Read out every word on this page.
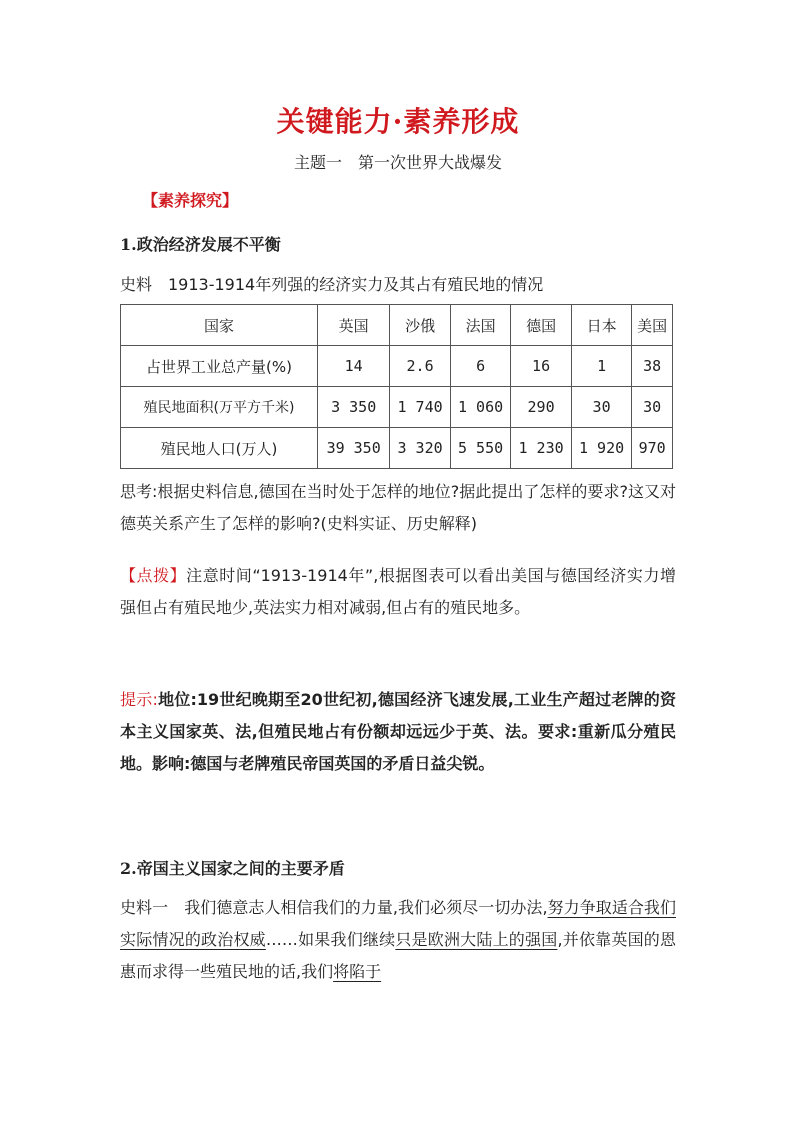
关键能力·素养形成
主题一　第一次世界大战爆发
【素养探究】
1.政治经济发展不平衡
史料　1913-1914年列强的经济实力及其占有殖民地的情况
国家	英国	沙俄	法国	德国	日本	美国
占世界工业总产量(%)	14	2.6	6	16	1	38
殖民地面积(万平方千米)	3 350	1 740	1 060	290	30	30
殖民地人口(万人)	39 350	3 320	5 550	1 230	1 920	970
思考:根据史料信息,德国在当时处于怎样的地位?据此提出了怎样的要求?这又对德英关系产生了怎样的影响?(史料实证、历史解释)
【点拨】注意时间“1913-1914年”,根据图表可以看出美国与德国经济实力增强但占有殖民地少,英法实力相对减弱,但占有的殖民地多。
提示:地位:19世纪晚期至20世纪初,德国经济飞速发展,工业生产超过老牌的资本主义国家英、法,但殖民地占有份额却远远少于英、法。要求:重新瓜分殖民地。影响:德国与老牌殖民帝国英国的矛盾日益尖锐。
2.帝国主义国家之间的主要矛盾
史料一　我们德意志人相信我们的力量,我们必须尽一切办法,努力争取适合我们实际情况的政治权威……如果我们继续只是欧洲大陆上的强国,并依靠英国的恩惠而求得一些殖民地的话,我们将陷于
